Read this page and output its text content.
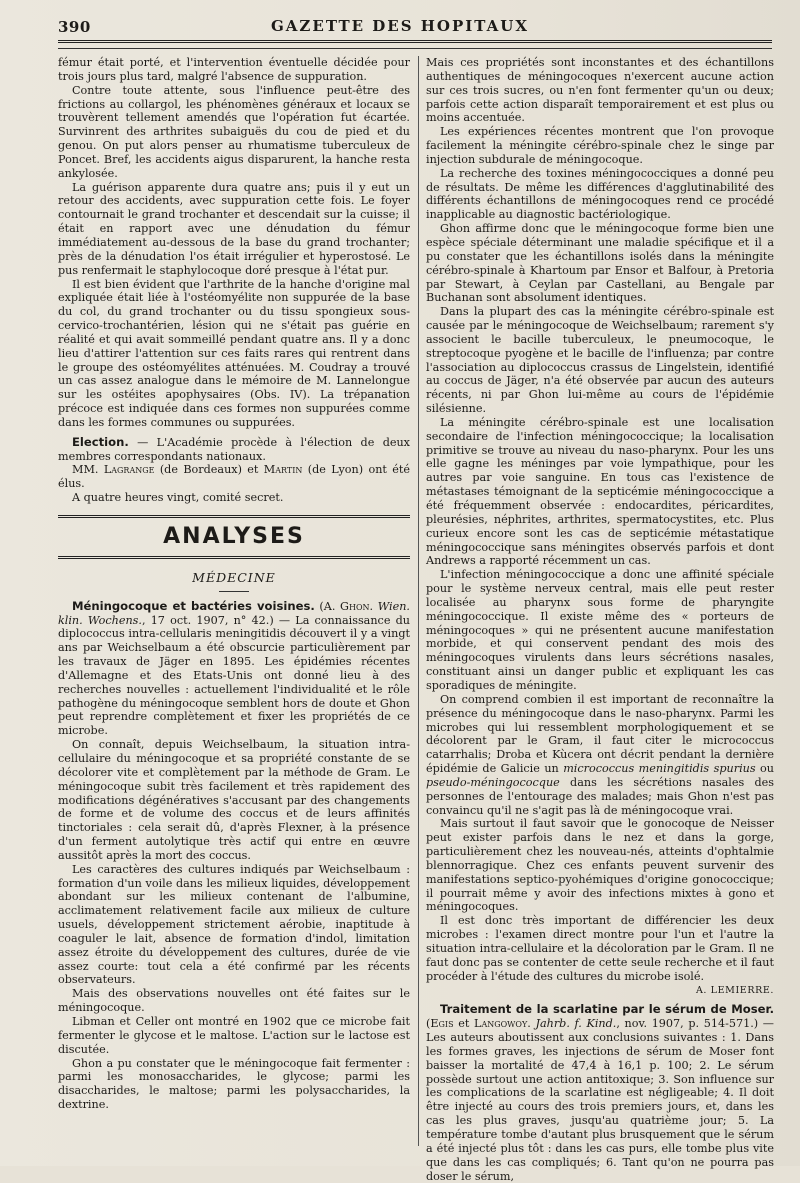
390	GAZETTE DES HOPITAUX

fémur était porté, et l'intervention éventuelle décidée pour trois jours plus tard, malgré l'absence de suppuration.

Contre toute attente, sous l'influence peut-être des frictions au collargol, les phénomènes généraux et locaux se trouvèrent tellement amendés que l'opération fut écartée. Survinrent des arthrites subaiguës du cou de pied et du genou. On put alors penser au rhumatisme tuberculeux de Poncet. Bref, les accidents aigus disparurent, la hanche resta ankylosée.

La guérison apparente dura quatre ans; puis il y eut un retour des accidents, avec suppuration cette fois. Le foyer contournait le grand trochanter et descendait sur la cuisse; il était en rapport avec une dénudation du fémur immédiatement au-dessous de la base du grand trochanter; près de la dénudation l'os était irrégulier et hyperostosé. Le pus renfermait le staphylocoque doré presque à l'état pur.

Il est bien évident que l'arthrite de la hanche d'origine mal expliquée était liée à l'ostéomyélite non suppurée de la base du col, du grand trochanter ou du tissu spongieux sous-cervico-trochantérien, lésion qui ne s'était pas guérie en réalité et qui avait sommeillé pendant quatre ans. Il y a donc lieu d'attirer l'attention sur ces faits rares qui rentrent dans le groupe des ostéomyélites atténuées. M. Coudray a trouvé un cas assez analogue dans le mémoire de M. Lannelongue sur les ostéites apophysaires (Obs. IV). La trépanation précoce est indiquée dans ces formes non suppurées comme dans les formes communes ou suppurées.

Election. — L'Académie procède à l'élection de deux membres correspondants nationaux.

MM. Lagrange (de Bordeaux) et Martin (de Lyon) ont été élus.

A quatre heures vingt, comité secret.

ANALYSES
MÉDECINE

Méningocoque et bactéries voisines. (A. Ghon. Wien. klin. Wochens., 17 oct. 1907, n° 42.) — La connaissance du diplococcus intra-cellularis meningitidis découvert il y a vingt ans par Weichselbaum a été obscurcie particulièrement par les travaux de Jäger en 1895. Les épidémies récentes d'Allemagne et des Etats-Unis ont donné lieu à des recherches nouvelles : actuellement l'individualité et le rôle pathogène du méningocoque semblent hors de doute et Ghon peut reprendre complètement et fixer les propriétés de ce microbe.

On connaît, depuis Weichselbaum, la situation intra-cellulaire du méningocoque et sa propriété constante de se décolorer vite et complètement par la méthode de Gram. Le méningocoque subit très facilement et très rapidement des modifications dégénératives s'accusant par des changements de forme et de volume des coccus et de leurs affinités tinctoriales : cela serait dû, d'après Flexner, à la présence d'un ferment autolytique très actif qui entre en œuvre aussitôt après la mort des coccus.

Les caractères des cultures indiqués par Weichselbaum : formation d'un voile dans les milieux liquides, développement abondant sur les milieux contenant de l'albumine, acclimatement relativement facile aux milieux de culture usuels, développement strictement aérobie, inaptitude à coaguler le lait, absence de formation d'indol, limitation assez étroite du développement des cultures, durée de vie assez courte: tout cela a été confirmé par les récents observateurs.

Mais des observations nouvelles ont été faites sur le méningocoque.

Libman et Celler ont montré en 1902 que ce microbe fait fermenter le glycose et le maltose. L'action sur le lactose est discutée.

Ghon a pu constater que le méningocoque fait fermenter : parmi les monosaccharides, le glycose; parmi les disaccharides, le maltose; parmi les polysaccharides, la dextrine.

Mais ces propriétés sont inconstantes et des échantillons authentiques de méningocoques n'exercent aucune action sur ces trois sucres, ou n'en font fermenter qu'un ou deux; parfois cette action disparaît temporairement et est plus ou moins accentuée.

Les expériences récentes montrent que l'on provoque facilement la méningite cérébro-spinale chez le singe par injection subdurale de méningocoque.

La recherche des toxines méningococciques a donné peu de résultats. De même les différences d'agglutinabilité des différents échantillons de méningocoques rend ce procédé inapplicable au diagnostic bactériologique.

Ghon affirme donc que le méningocoque forme bien une espèce spéciale déterminant une maladie spécifique et il a pu constater que les échantillons isolés dans la méningite cérébro-spinale à Khartoum par Ensor et Balfour, à Pretoria par Stewart, à Ceylan par Castellani, au Bengale par Buchanan sont absolument identiques.

Dans la plupart des cas la méningite cérébro-spinale est causée par le méningocoque de Weichselbaum; rarement s'y associent le bacille tuberculeux, le pneumocoque, le streptocoque pyogène et le bacille de l'influenza; par contre l'association au diplococcus crassus de Lingelstein, identifié au coccus de Jäger, n'a été observée par aucun des auteurs récents, ni par Ghon lui-même au cours de l'épidémie silésienne.

La méningite cérébro-spinale est une localisation secondaire de l'infection méningococcique; la localisation primitive se trouve au niveau du naso-pharynx. Pour les uns elle gagne les méninges par voie lympathique, pour les autres par voie sanguine. En tous cas l'existence de métastases témoignant de la septicémie méningococcique a été fréquemment observée : endocardites, péricardites, pleurésies, néphrites, arthrites, spermatocystites, etc. Plus curieux encore sont les cas de septicémie métastatique méningococcique sans méningites observés parfois et dont Andrews a rapporté récemment un cas.

L'infection méningococcique a donc une affinité spéciale pour le système nerveux central, mais elle peut rester localisée au pharynx sous forme de pharyngite méningococcique. Il existe même des « porteurs de méningocoques » qui ne présentent aucune manifestation morbide, et qui conservent pendant des mois des méningocoques virulents dans leurs sécrétions nasales, constituant ainsi un danger public et expliquant les cas sporadiques de méningite.

On comprend combien il est important de reconnaître la présence du méningocoque dans le naso-pharynx. Parmi les microbes qui lui ressemblent morphologiquement et se décolorent par le Gram, il faut citer le micrococcus catarrhalis; Droba et Kùcera ont décrit pendant la dernière épidémie de Galicie un micrococcus meningitidis spurius ou pseudo-méningococque dans les sécrétions nasales des personnes de l'entourage des malades; mais Ghon n'est pas convaincu qu'il ne s'agit pas là de méningocoque vrai.

Mais surtout il faut savoir que le gonocoque de Neisser peut exister parfois dans le nez et dans la gorge, particulièrement chez les nouveau-nés, atteints d'ophtalmie blennorragique. Chez ces enfants peuvent survenir des manifestations septico-pyohémiques d'origine gonococcique; il pourrait même y avoir des infections mixtes à gono et méningocoques.

Il est donc très important de différencier les deux microbes : l'examen direct montre pour l'un et l'autre la situation intra-cellulaire et la décoloration par le Gram. Il ne faut donc pas se contenter de cette seule recherche et il faut procéder à l'étude des cultures du microbe isolé.

A. LEMIERRE.

Traitement de la scarlatine par le sérum de Moser. (Egis et Langowoy. Jahrb. f. Kind., nov. 1907, p. 514-571.) — Les auteurs aboutissent aux conclusions suivantes : 1. Dans les formes graves, les injections de sérum de Moser font baisser la mortalité de 47,4 à 16,1 p. 100; 2. Le sérum possède surtout une action antitoxique; 3. Son influence sur les complications de la scarlatine est négligeable; 4. Il doit être injecté au cours des trois premiers jours, et, dans les cas les plus graves, jusqu'au quatrième jour; 5. La température tombe d'autant plus brusquement que le sérum a été injecté plus tôt : dans les cas purs, elle tombe plus vite que dans les cas compliqués; 6. Tant qu'on ne pourra pas doser le sérum,
